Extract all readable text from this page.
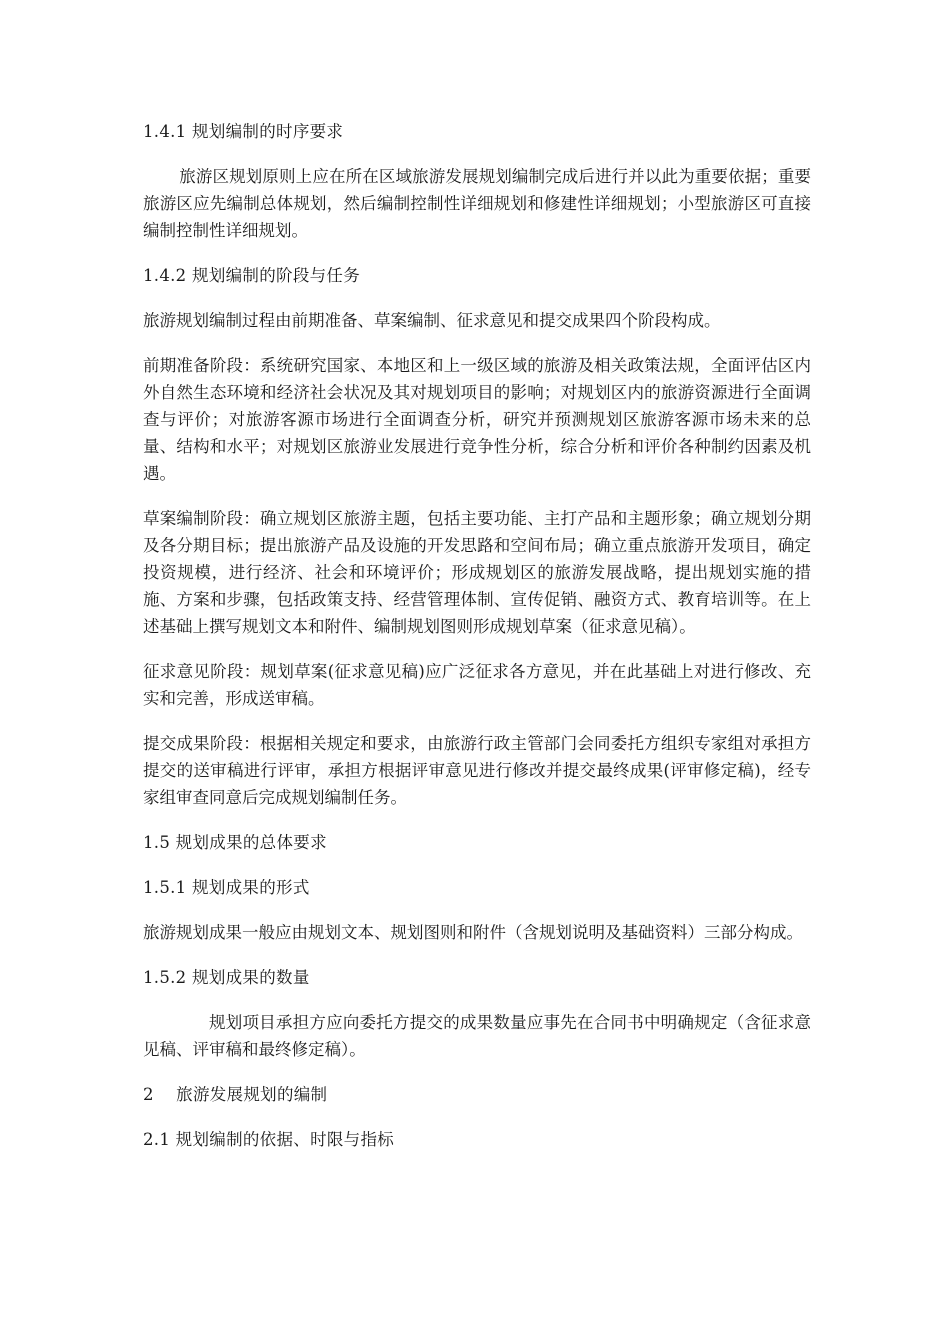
1.4.1 规划编制的时序要求
旅游区规划原则上应在所在区域旅游发展规划编制完成后进行并以此为重要依据；重要旅游区应先编制总体规划，然后编制控制性详细规划和修建性详细规划；小型旅游区可直接编制控制性详细规划。
1.4.2 规划编制的阶段与任务
旅游规划编制过程由前期准备、草案编制、征求意见和提交成果四个阶段构成。
前期准备阶段：系统研究国家、本地区和上一级区域的旅游及相关政策法规，全面评估区内外自然生态环境和经济社会状况及其对规划项目的影响；对规划区内的旅游资源进行全面调查与评价；对旅游客源市场进行全面调查分析，研究并预测规划区旅游客源市场未来的总量、结构和水平；对规划区旅游业发展进行竞争性分析，综合分析和评价各种制约因素及机遇。
草案编制阶段：确立规划区旅游主题，包括主要功能、主打产品和主题形象；确立规划分期及各分期目标；提出旅游产品及设施的开发思路和空间布局；确立重点旅游开发项目，确定投资规模，进行经济、社会和环境评价；形成规划区的旅游发展战略，提出规划实施的措施、方案和步骤，包括政策支持、经营管理体制、宣传促销、融资方式、教育培训等。在上述基础上撰写规划文本和附件、编制规划图则形成规划草案（征求意见稿）。
征求意见阶段：规划草案(征求意见稿)应广泛征求各方意见，并在此基础上对进行修改、充实和完善，形成送审稿。
提交成果阶段：根据相关规定和要求，由旅游行政主管部门会同委托方组织专家组对承担方提交的送审稿进行评审，承担方根据评审意见进行修改并提交最终成果(评审修定稿)，经专家组审查同意后完成规划编制任务。
1.5 规划成果的总体要求
1.5.1 规划成果的形式
旅游规划成果一般应由规划文本、规划图则和附件（含规划说明及基础资料）三部分构成。
1.5.2 规划成果的数量
规划项目承担方应向委托方提交的成果数量应事先在合同书中明确规定（含征求意见稿、评审稿和最终修定稿）。
2　 旅游发展规划的编制
2.1 规划编制的依据、时限与指标
